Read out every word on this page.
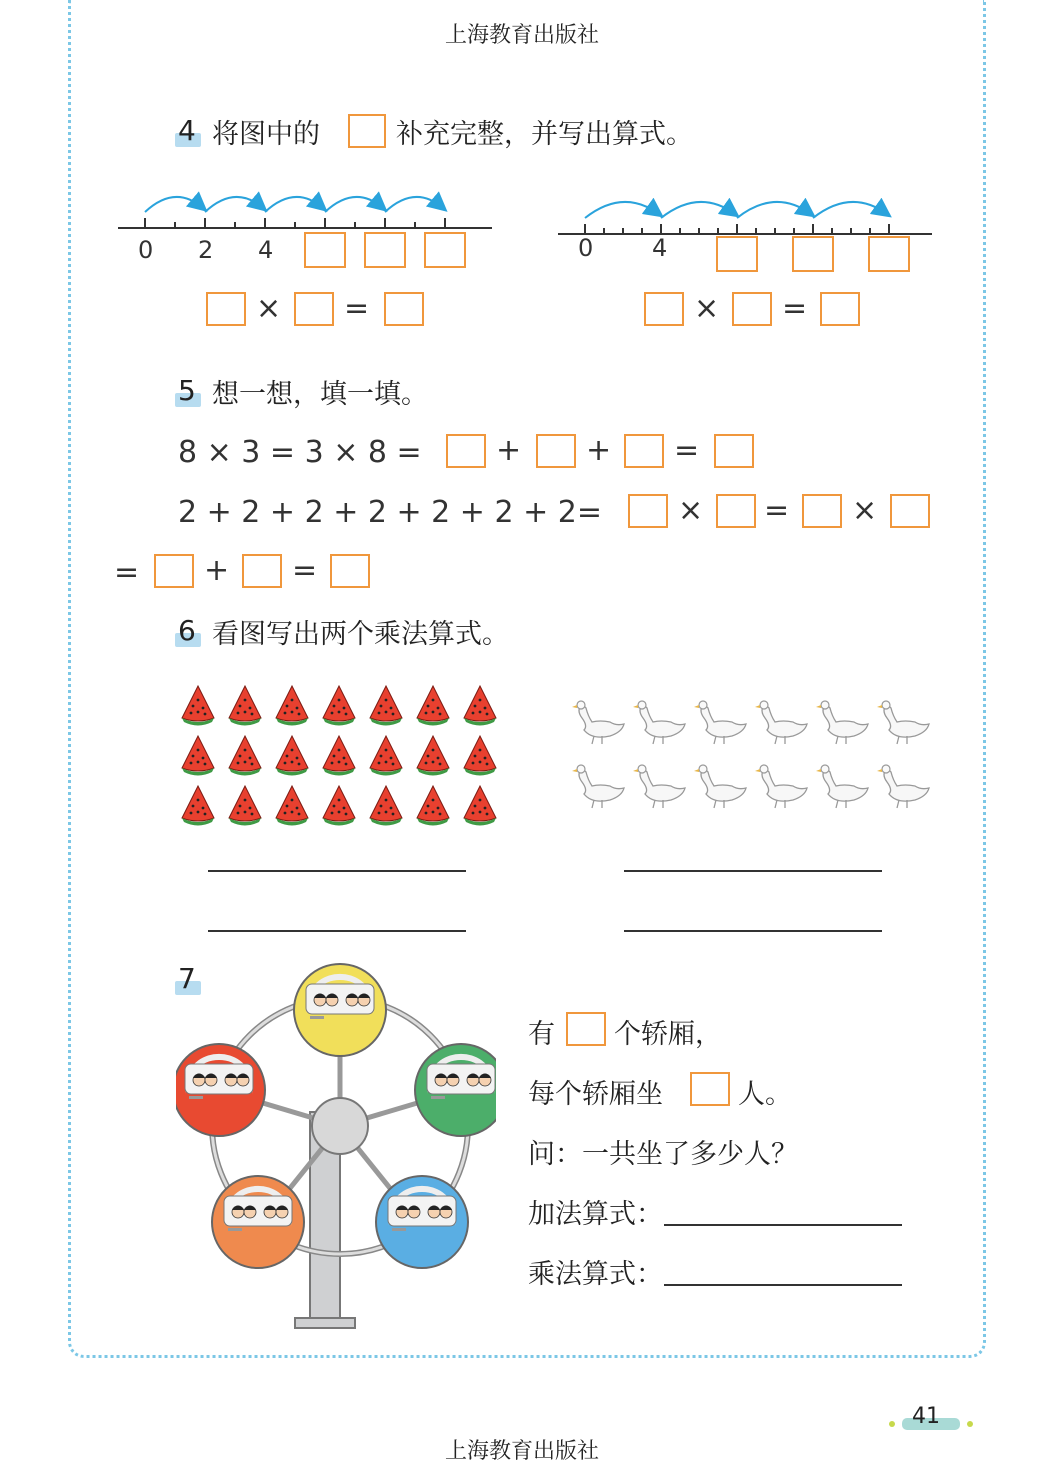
上海教育出版社
4 将图中的	补充完整，并写出算式。
0 2 4
× =
0 4
× =
5 想一想，填一填。
8 × 3 = 3 × 8 = + + =
2 + 2 + 2 + 2 + 2 + 2 + 2=	× = ×
= + =
6 看图写出两个乘法算式。
7
有 个轿厢，
每个轿厢坐	人。
问：一共坐了多少人？
加法算式：
乘法算式：
41
上海教育出版社
